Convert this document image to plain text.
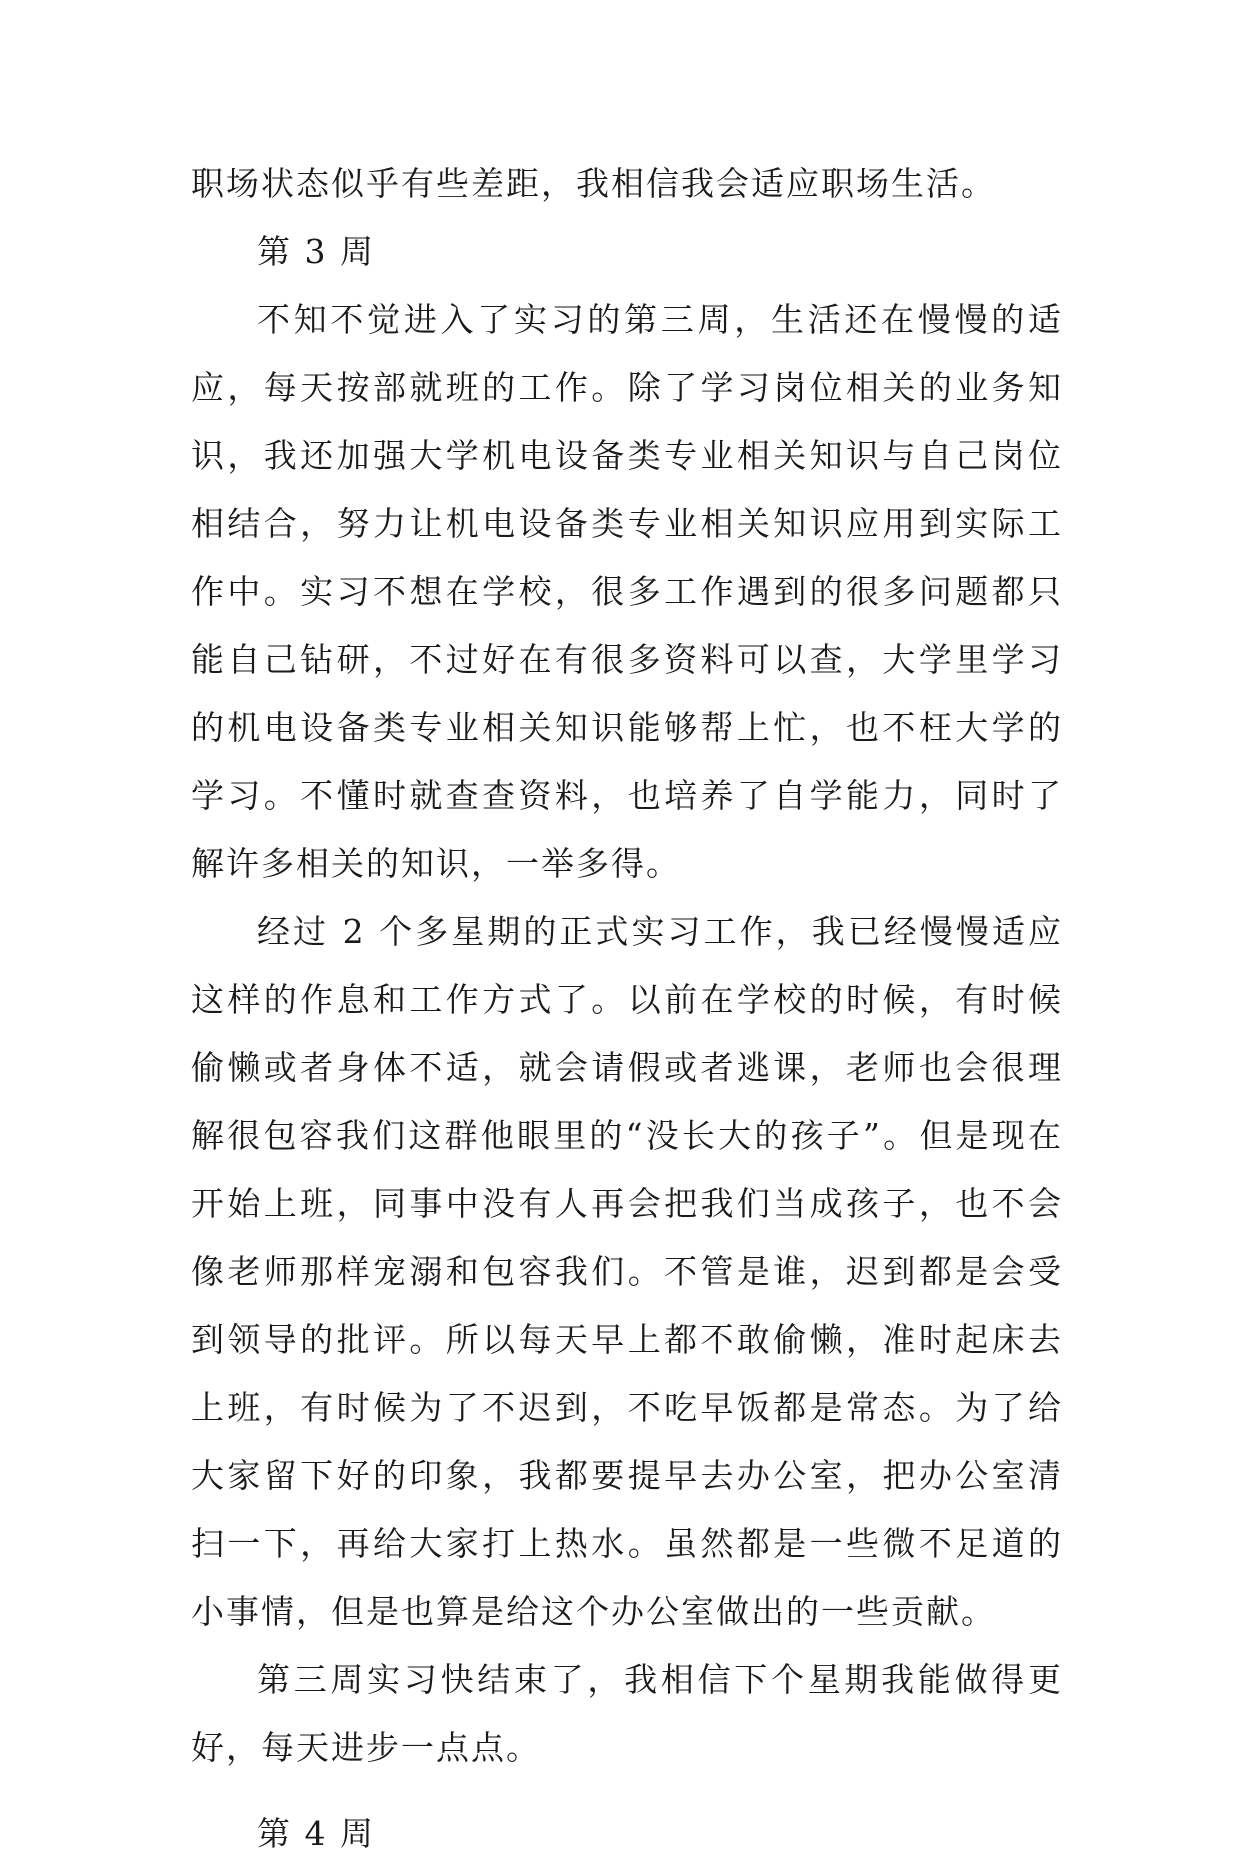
职场状态似乎有些差距，我相信我会适应职场生活。

第 3 周

不知不觉进入了实习的第三周，生活还在慢慢的适应，每天按部就班的工作。除了学习岗位相关的业务知识，我还加强大学机电设备类专业相关知识与自己岗位相结合，努力让机电设备类专业相关知识应用到实际工作中。实习不想在学校，很多工作遇到的很多问题都只能自己钻研，不过好在有很多资料可以查，大学里学习的机电设备类专业相关知识能够帮上忙，也不枉大学的学习。不懂时就查查资料，也培养了自学能力，同时了解许多相关的知识，一举多得。

经过 2 个多星期的正式实习工作，我已经慢慢适应这样的作息和工作方式了。以前在学校的时候，有时候偷懒或者身体不适，就会请假或者逃课，老师也会很理解很包容我们这群他眼里的“没长大的孩子”。但是现在开始上班，同事中没有人再会把我们当成孩子，也不会像老师那样宠溺和包容我们。不管是谁，迟到都是会受到领导的批评。所以每天早上都不敢偷懒，准时起床去上班，有时候为了不迟到，不吃早饭都是常态。为了给大家留下好的印象，我都要提早去办公室，把办公室清扫一下，再给大家打上热水。虽然都是一些微不足道的小事情，但是也算是给这个办公室做出的一些贡献。

第三周实习快结束了，我相信下个星期我能做得更好，每天进步一点点。

第 4 周
